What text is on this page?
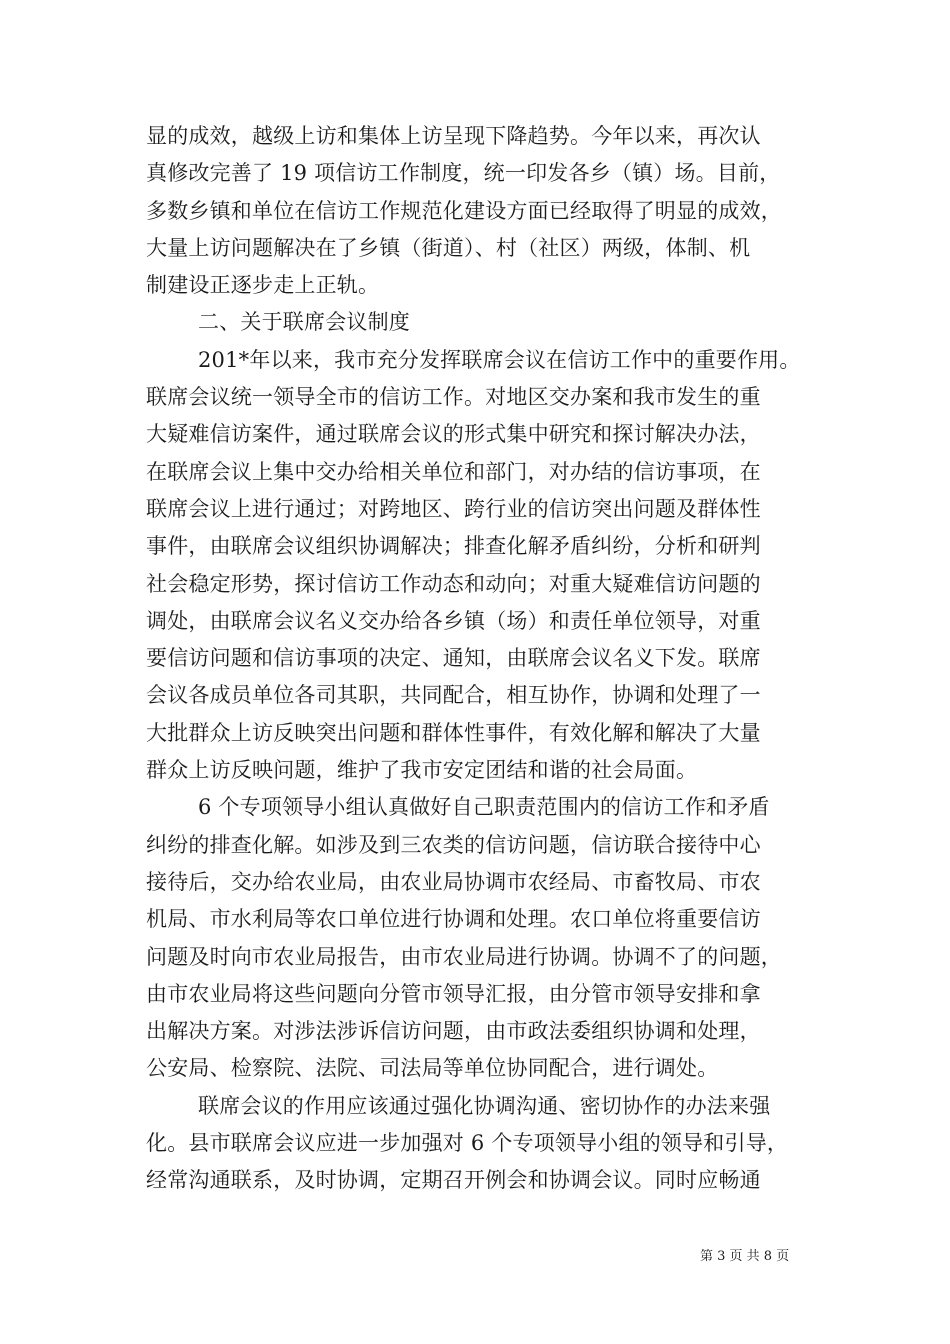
显的成效，越级上访和集体上访呈现下降趋势。今年以来，再次认
真修改完善了 19 项信访工作制度，统一印发各乡（镇）场。目前，
多数乡镇和单位在信访工作规范化建设方面已经取得了明显的成效，
大量上访问题解决在了乡镇（街道）、村（社区）两级，体制、机
制建设正逐步走上正轨。
二、关于联席会议制度
201*年以来，我市充分发挥联席会议在信访工作中的重要作用。
联席会议统一领导全市的信访工作。对地区交办案和我市发生的重
大疑难信访案件，通过联席会议的形式集中研究和探讨解决办法，
在联席会议上集中交办给相关单位和部门，对办结的信访事项，在
联席会议上进行通过；对跨地区、跨行业的信访突出问题及群体性
事件，由联席会议组织协调解决；排查化解矛盾纠纷，分析和研判
社会稳定形势，探讨信访工作动态和动向；对重大疑难信访问题的
调处，由联席会议名义交办给各乡镇（场）和责任单位领导，对重
要信访问题和信访事项的决定、通知，由联席会议名义下发。联席
会议各成员单位各司其职，共同配合，相互协作，协调和处理了一
大批群众上访反映突出问题和群体性事件，有效化解和解决了大量
群众上访反映问题，维护了我市安定团结和谐的社会局面。
6 个专项领导小组认真做好自己职责范围内的信访工作和矛盾
纠纷的排查化解。如涉及到三农类的信访问题，信访联合接待中心
接待后，交办给农业局，由农业局协调市农经局、市畜牧局、市农
机局、市水利局等农口单位进行协调和处理。农口单位将重要信访
问题及时向市农业局报告，由市农业局进行协调。协调不了的问题，
由市农业局将这些问题向分管市领导汇报，由分管市领导安排和拿
出解决方案。对涉法涉诉信访问题，由市政法委组织协调和处理，
公安局、检察院、法院、司法局等单位协同配合，进行调处。
联席会议的作用应该通过强化协调沟通、密切协作的办法来强
化。县市联席会议应进一步加强对 6 个专项领导小组的领导和引导，
经常沟通联系，及时协调，定期召开例会和协调会议。同时应畅通
第 3 页 共 8 页
